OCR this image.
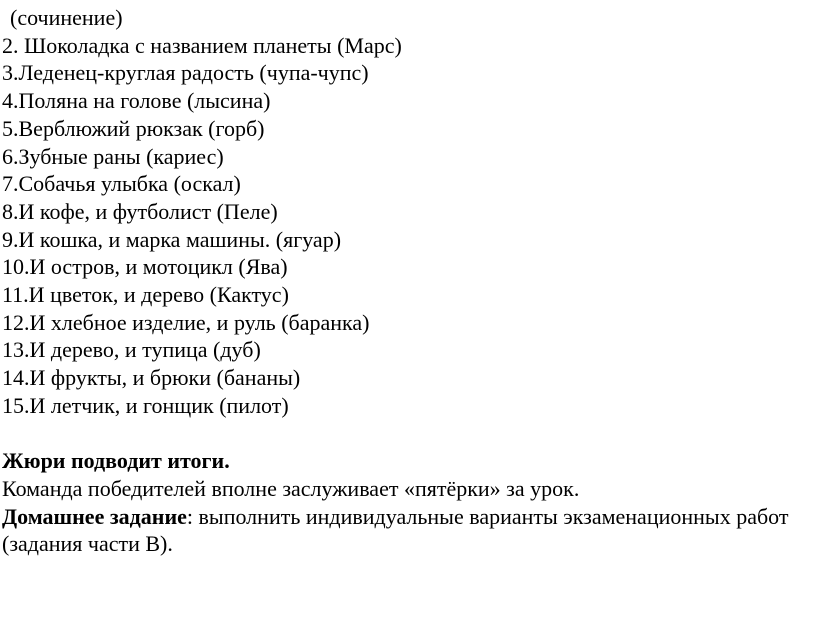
(сочинение)

2. Шоколадка с названием планеты (Марс)

3.Леденец-круглая радость (чупа-чупс)

4.Поляна на голове (лысина)

5.Верблюжий рюкзак (горб)

6.Зубные раны (кариес)

7.Собачья улыбка (оскал)

8.И кофе, и футболист (Пеле)

9.И кошка, и марка машины. (ягуар)

10.И остров, и мотоцикл (Ява)

11.И цветок, и дерево (Кактус)

12.И хлебное изделие, и руль (баранка)

13.И дерево, и тупица (дуб)

14.И фрукты, и брюки (бананы)

15.И летчик, и гонщик (пилот)

Жюри подводит итоги.

Команда победителей вполне заслуживает «пятёрки» за урок.

Домашнее задание: выполнить индивидуальные варианты экзаменационных работ (задания части В).
